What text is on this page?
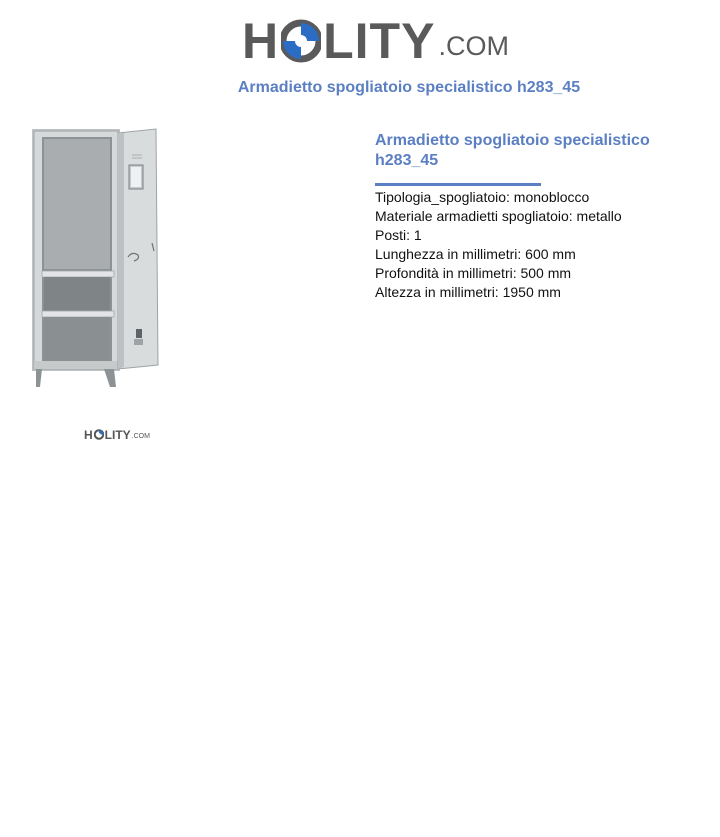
H LITY .COM
Armadietto spogliatoio specialistico h283_45
H LITY .COM
Armadietto spogliatoio specialistico h283_45
Tipologia_spogliatoio: monoblocco
Materiale armadietti spogliatoio: metallo
Posti: 1
Lunghezza in millimetri: 600 mm
Profondità in millimetri: 500 mm
Altezza in millimetri: 1950 mm
